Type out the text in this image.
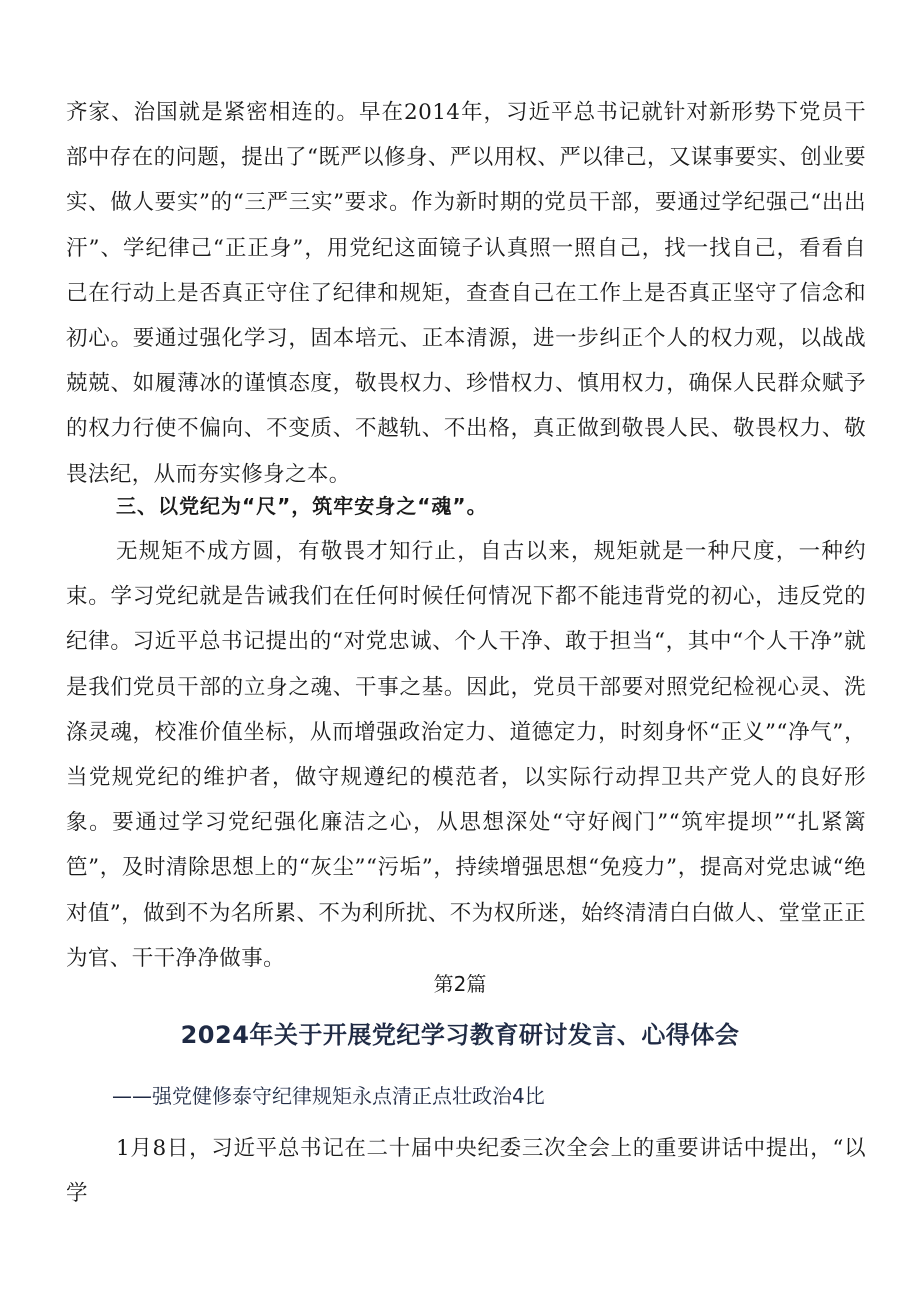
齐家、治国就是紧密相连的。早在2014年，习近平总书记就针对新形势下党员干部中存在的问题，提出了“既严以修身、严以用权、严以律己，又谋事要实、创业要实、做人要实”的“三严三实”要求。作为新时期的党员干部，要通过学纪强己“出出汗”、学纪律己“正正身”，用党纪这面镜子认真照一照自己，找一找自己，看看自己在行动上是否真正守住了纪律和规矩，查查自己在工作上是否真正坚守了信念和初心。要通过强化学习，固本培元、正本清源，进一步纠正个人的权力观，以战战兢兢、如履薄冰的谨慎态度，敬畏权力、珍惜权力、慎用权力，确保人民群众赋予的权力行使不偏向、不变质、不越轨、不出格，真正做到敬畏人民、敬畏权力、敬畏法纪，从而夯实修身之本。

三、以党纪为“尺”，筑牢安身之“魂”。

无规矩不成方圆，有敬畏才知行止，自古以来，规矩就是一种尺度，一种约束。学习党纪就是告诫我们在任何时候任何情况下都不能违背党的初心，违反党的纪律。习近平总书记提出的“对党忠诚、个人干净、敢于担当“，其中“个人干净”就是我们党员干部的立身之魂、干事之基。因此，党员干部要对照党纪检视心灵、洗涤灵魂，校准价值坐标，从而增强政治定力、道德定力，时刻身怀“正义”“净气”，当党规党纪的维护者，做守规遵纪的模范者，以实际行动捍卫共产党人的良好形象。要通过学习党纪强化廉洁之心，从思想深处“守好阀门”“筑牢提坝”“扎紧篱笆”，及时清除思想上的“灰尘”“污垢”，持续增强思想“免疫力”，提高对党忠诚“绝对值”，做到不为名所累、不为利所扰、不为权所迷，始终清清白白做人、堂堂正正为官、干干净净做事。

第2篇
2024年关于开展党纪学习教育研讨发言、心得体会
——强党健修泰守纪律规矩永点清正点壮政治4比

1月8日，习近平总书记在二十届中央纪委三次全会上的重要讲话中提出，“以学
